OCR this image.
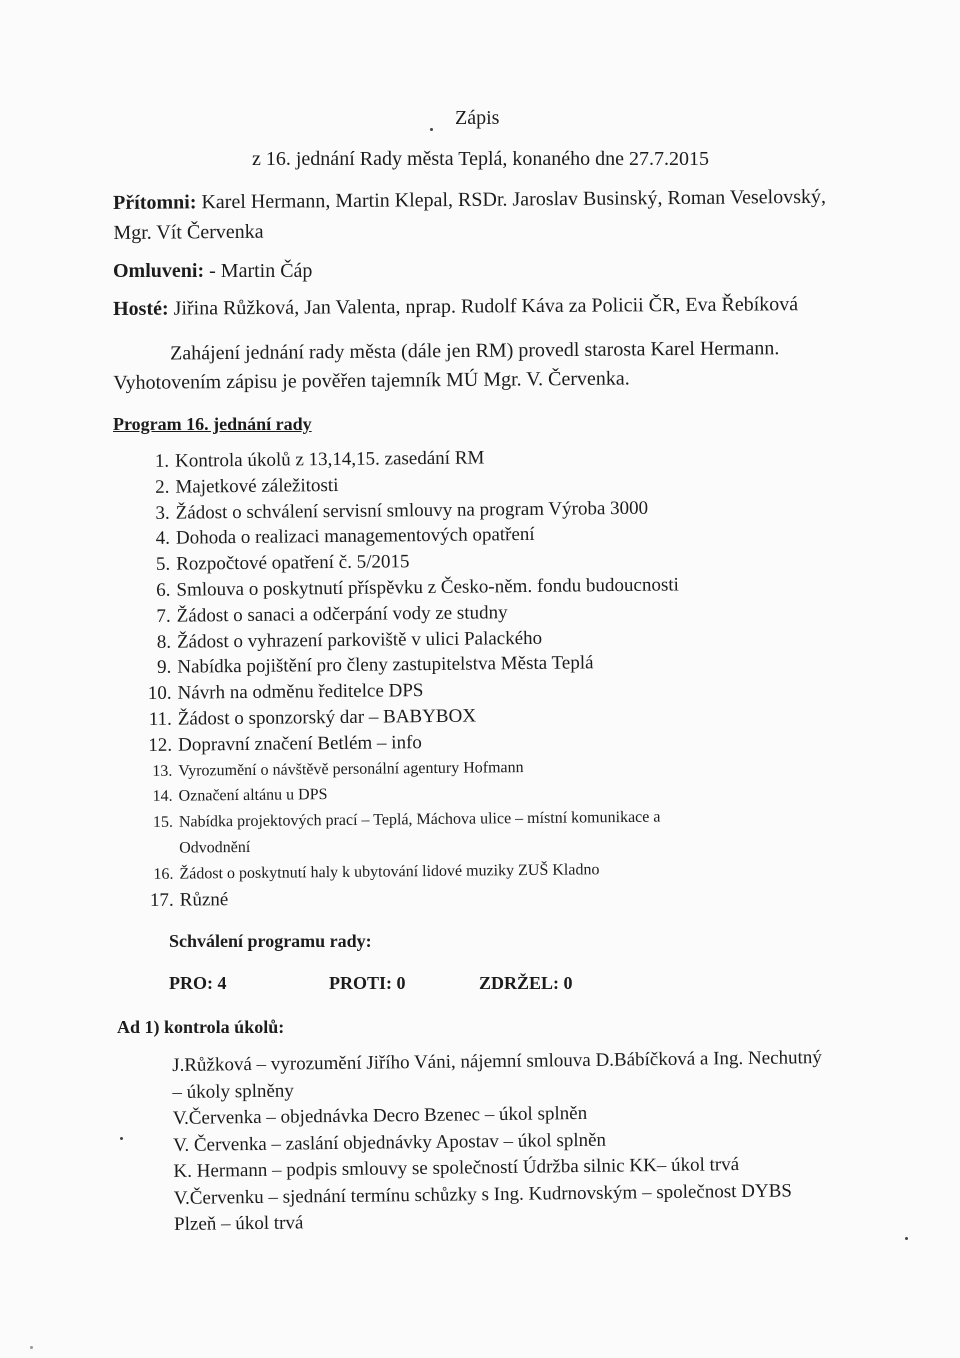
Zápis
z 16. jednání Rady města Teplá, konaného dne 27.7.2015
Přítomni: Karel Hermann, Martin Klepal, RSDr. Jaroslav Businský, Roman Veselovský, Mgr. Vít Červenka
Omluveni: - Martin Čáp
Hosté: Jiřina Růžková, Jan Valenta, nprap. Rudolf Káva za Policii ČR, Eva Řebíková
Zahájení jednání rady města (dále jen RM) provedl starosta Karel Hermann. Vyhotovením zápisu je pověřen tajemník MÚ Mgr. V. Červenka.
Program 16. jednání rady
1. Kontrola úkolů z 13,14,15. zasedání RM
2. Majetkové záležitosti
3. Žádost o schválení servisní smlouvy na program Výroba 3000
4. Dohoda o realizaci managementových opatření
5. Rozpočtové opatření č. 5/2015
6. Smlouva o poskytnutí příspěvku z Česko-něm. fondu budoucnosti
7. Žádost o sanaci a odčerpání vody ze studny
8. Žádost o vyhrazení parkoviště v ulici Palackého
9. Nabídka pojištění pro členy zastupitelstva Města Teplá
10. Návrh na odměnu ředitelce DPS
11. Žádost o sponzorský dar – BABYBOX
12. Dopravní značení Betlém – info
13. Vyrozumění o návštěvě personální agentury Hofmann
14. Označení altánu u DPS
15. Nabídka projektových prací – Teplá, Máchova ulice – místní komunikace a
Odvodnění
16. Žádost o poskytnutí haly k ubytování lidové muziky ZUŠ Kladno
17. Různé
Schválení programu rady:
PRO: 4	PROTI: 0	ZDRŽEL: 0
Ad 1) kontrola úkolů:
J.Růžková – vyrozumění Jiřího Váni, nájemní smlouva D.Bábíčková a Ing. Nechutný
– úkoly splněny
V.Červenka – objednávka Decro Bzenec – úkol splněn
V. Červenka – zaslání objednávky Apostav – úkol splněn
K. Hermann – podpis smlouvy se společností Údržba silnic KK– úkol trvá
V.Červenku – sjednání termínu schůzky s Ing. Kudrnovským – společnost DYBS
Plzeň – úkol trvá
